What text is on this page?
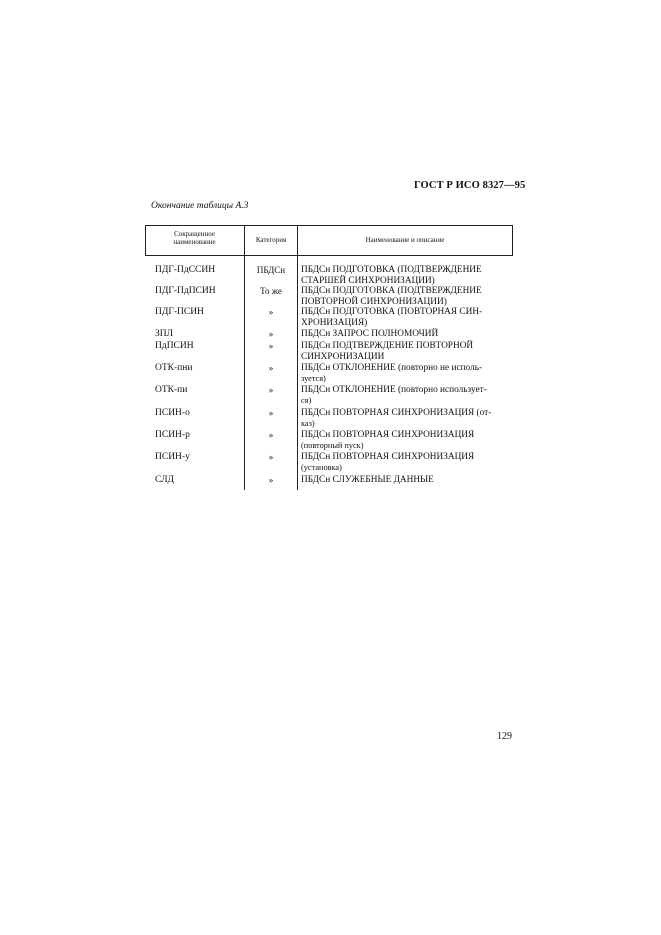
ГОСТ Р ИСО 8327—95
Окончание таблицы А.3
Сокращенное
наименование	Категория	Наименование и описание
ПДГ-ПдССИН	ПБДСн	ПБДСн ПОДГОТОВКА (ПОДТВЕРЖДЕНИЕ
СТАРШЕЙ СИНХРОНИЗАЦИИ)
ПДГ-ПдПСИН	То же	ПБДСн ПОДГОТОВКА (ПОДТВЕРЖДЕНИЕ
ПОВТОРНОЙ СИНХРОНИЗАЦИИ)
ПДГ-ПСИН	»	ПБДСн ПОДГОТОВКА (ПОВТОРНАЯ СИН-
ХРОНИЗАЦИЯ)
ЗПЛ	»	ПБДСн ЗАПРОС ПОЛНОМОЧИЙ
ПдПСИН	»	ПБДСн ПОДТВЕРЖДЕНИЕ ПОВТОРНОЙ
СИНХРОНИЗАЦИИ
ОТК-пни	»	ПБДСн ОТКЛОНЕНИЕ (повторно не исполь-
зуется)
ОТК-пи	»	ПБДСн ОТКЛОНЕНИЕ (повторно использует-
ся)
ПСИН-о	»	ПБДСн ПОВТОРНАЯ СИНХРОНИЗАЦИЯ (от-
каз)
ПСИН-р	»	ПБДСн ПОВТОРНАЯ СИНХРОНИЗАЦИЯ
(повторный пуск)
ПСИН-у	»	ПБДСн ПОВТОРНАЯ СИНХРОНИЗАЦИЯ
(установка)
СЛД	»	ПБДСн СЛУЖЕБНЫЕ ДАННЫЕ
129
